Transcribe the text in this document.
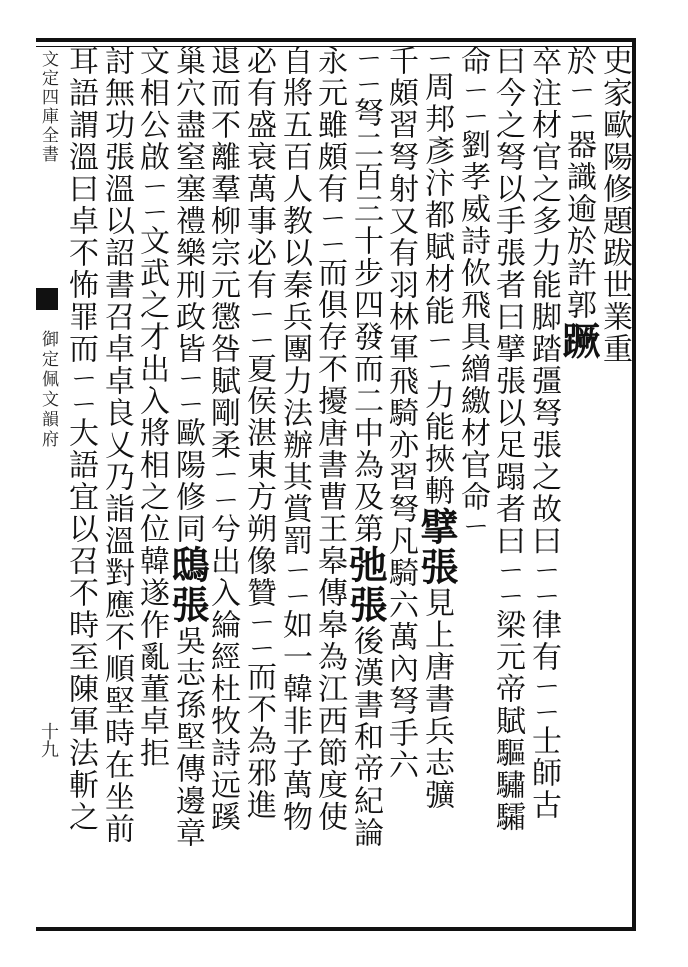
文定四庫全書
御定佩文韻府
十九
史家歐陽修題跋世業重
於ㄧㄧ器識逾於許郭蹶
卒注材官之多力能脚踏彊弩張之故曰ㄧㄧ律有ㄧㄧ士師古
曰今之弩以手張者曰擘張以足蹋者曰ㄧㄧ梁元帝賦驅驌驦
命ㄧㄧ劉孝威詩佽飛具繒繳材官命ㄧ
ㄧ周邦彥汴都賦材能ㄧㄧ力能挾輈擘張見上唐書兵志彍
千頗習弩射又有羽林軍飛騎亦習弩凡騎六萬內弩手六
ㄧㄧ弩二百三十步四發而二中為及第弛張後漢書和帝紀論
永元雖頗有ㄧㄧ而俱存不擾唐書曹王皋傳皋為江西節度使
自將五百人教以秦兵團力法辦其賞罰ㄧㄧ如一韓非子萬物
必有盛衰萬事必有ㄧㄧ夏侯湛東方朔像贊ㄧㄧ而不為邪進
退而不離羣柳宗元懲咎賦剛柔ㄧㄧ兮出入綸經杜牧詩远蹊
巢穴盡窒塞禮樂刑政皆ㄧㄧ歐陽修同鴟張吳志孫堅傳邊章
文相公啟ㄧㄧ文武之才出入將相之位韓遂作亂董卓拒
討無功張溫以詔書召卓卓良乂乃詣溫對應不順堅時在坐前
耳語謂溫曰卓不怖罪而ㄧㄧ大語宜以召不時至陳軍法斬之
